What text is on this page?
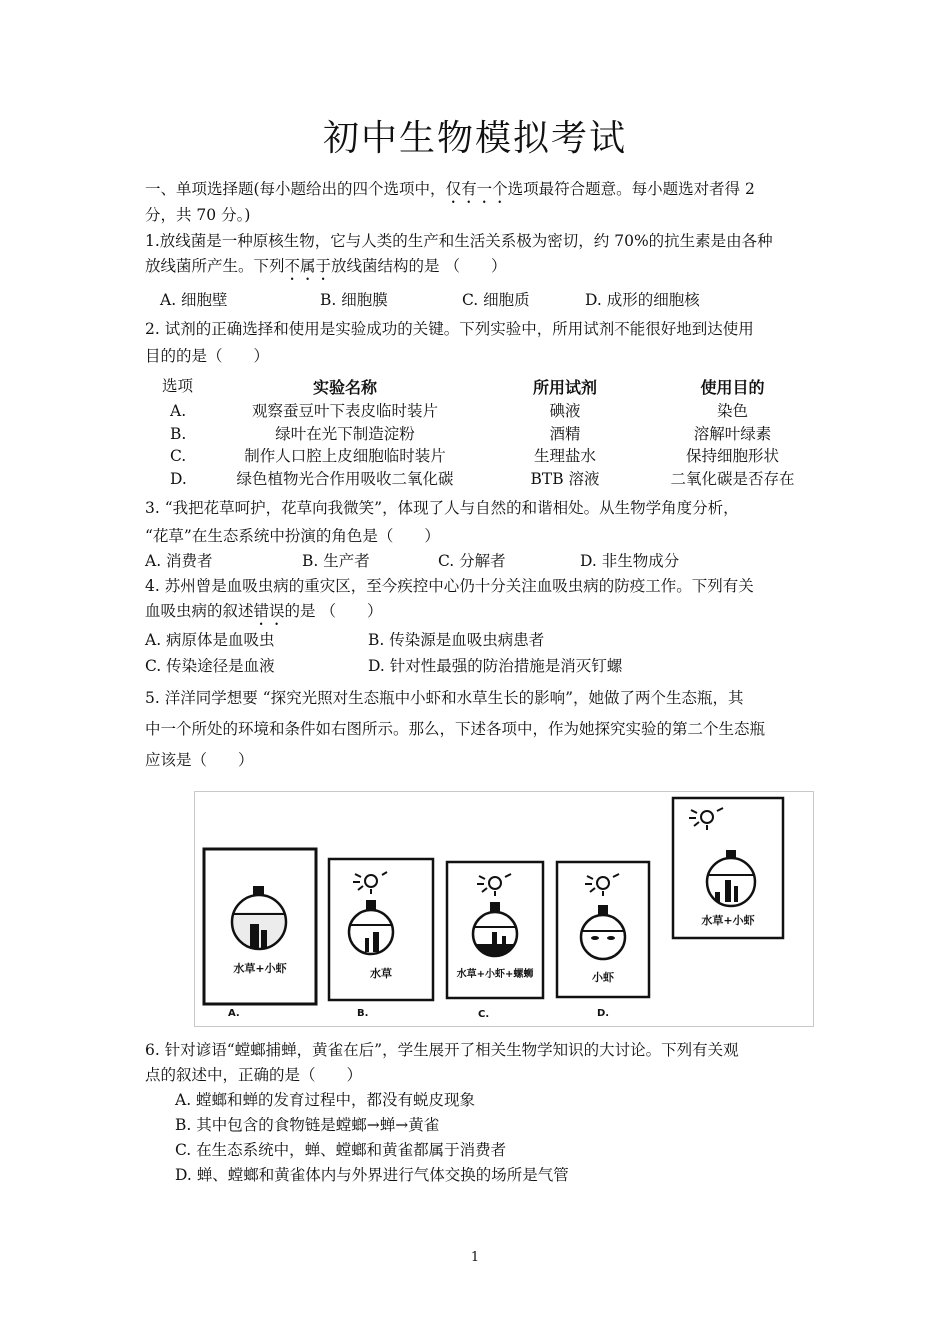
初中生物模拟考试
一、单项选择题(每小题给出的四个选项中，仅有一个选项最符合题意。每小题选对者得 2
分，共 70 分。)
1.放线菌是一种原核生物，它与人类的生产和生活关系极为密切，约 70%的抗生素是由各种
放线菌所产生。下列不属于放线菌结构的是 （　　）
A. 细胞壁	B. 细胞膜	C. 细胞质	D. 成形的细胞核
2. 试剂的正确选择和使用是实验成功的关键。下列实验中，所用试剂不能很好地到达使用
目的的是（　　）
选项	实验名称	所用试剂	使用目的
A.	观察蚕豆叶下表皮临时装片	碘液	染色
B.	绿叶在光下制造淀粉	酒精	溶解叶绿素
C.	制作人口腔上皮细胞临时装片	生理盐水	保持细胞形状
D.	绿色植物光合作用吸收二氧化碳	BTB 溶液	二氧化碳是否存在
3. “我把花草呵护，花草向我微笑”，体现了人与自然的和谐相处。从生物学角度分析，
“花草”在生态系统中扮演的角色是（　　）
A. 消费者	B. 生产者	C. 分解者	D. 非生物成分
4. 苏州曾是血吸虫病的重灾区，至今疾控中心仍十分关注血吸虫病的防疫工作。下列有关
血吸虫病的叙述错误的是 （　　）
A. 病原体是血吸虫	B. 传染源是血吸虫病患者
C. 传染途径是血液	D. 针对性最强的防治措施是消灭钉螺
5. 洋洋同学想要 “探究光照对生态瓶中小虾和水草生长的影响”，她做了两个生态瓶，其
中一个所处的环境和条件如右图所示。那么，下述各项中，作为她探究实验的第二个生态瓶
应该是（　　）
水草+小虾	水草	水草+小虾+螺蛳	小虾
水草+小虾
A.	B.	C.	D.
6. 针对谚语“螳螂捕蝉，黄雀在后”，学生展开了相关生物学知识的大讨论。下列有关观
点的叙述中，正确的是（　　）
A. 螳螂和蝉的发育过程中，都没有蜕皮现象
B. 其中包含的食物链是螳螂→蝉→黄雀
C. 在生态系统中，蝉、螳螂和黄雀都属于消费者
D. 蝉、螳螂和黄雀体内与外界进行气体交换的场所是气管
1
